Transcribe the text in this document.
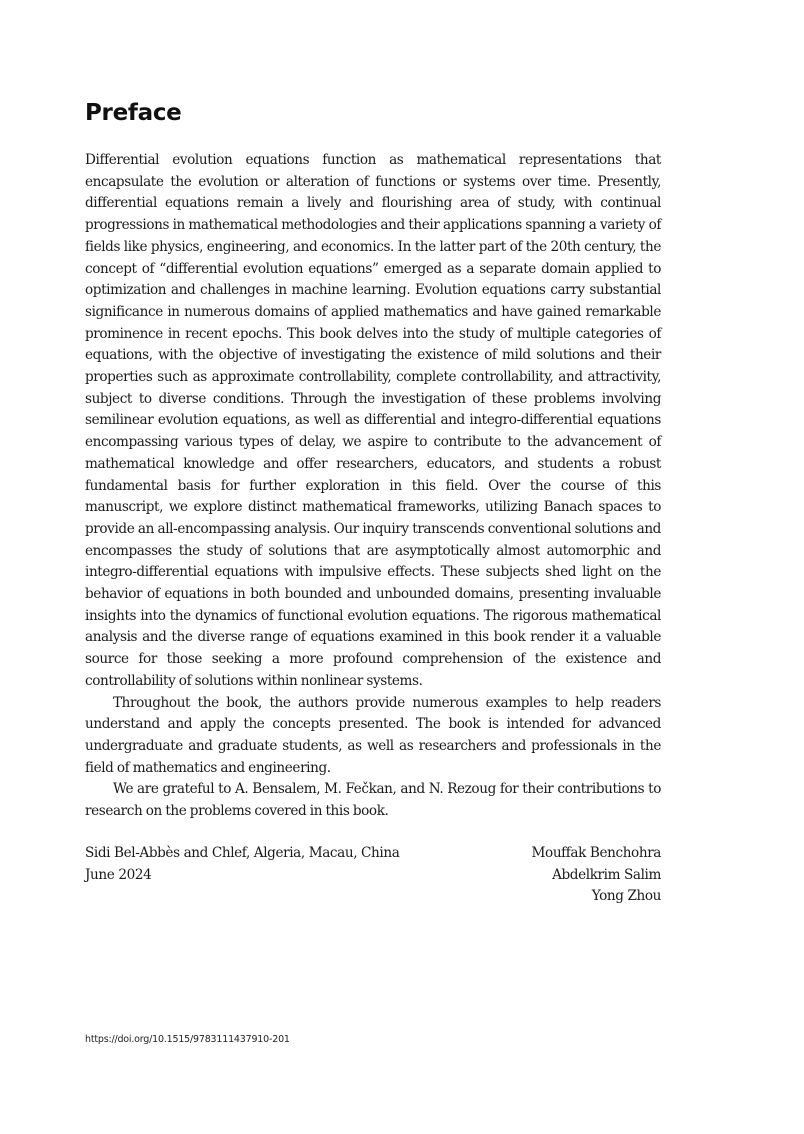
Preface

Differential evolution equations function as mathematical representations that encapsulate the evolution or alteration of functions or systems over time. Presently, differential equations remain a lively and flourishing area of study, with continual progressions in mathematical methodologies and their applications spanning a variety of fields like physics, engineering, and economics. In the latter part of the 20th century, the concept of “differential evolution equations” emerged as a separate domain applied to optimization and challenges in machine learning. Evolution equations carry substantial significance in numerous domains of applied mathematics and have gained remarkable prominence in recent epochs. This book delves into the study of multiple categories of equations, with the objective of investigating the existence of mild solutions and their properties such as approximate controllability, complete controllability, and attractivity, subject to diverse conditions. Through the investigation of these problems involving semilinear evolution equations, as well as differential and integro-differential equations encompassing various types of delay, we aspire to contribute to the advancement of mathematical knowledge and offer researchers, educators, and students a robust fundamental basis for further exploration in this field. Over the course of this manuscript, we explore distinct mathematical frameworks, utilizing Banach spaces to provide an all-encompassing analysis. Our inquiry transcends conventional solutions and encompasses the study of solutions that are asymptotically almost automorphic and integro-differential equations with impulsive effects. These subjects shed light on the behavior of equations in both bounded and unbounded domains, presenting invaluable insights into the dynamics of functional evolution equations. The rigorous mathematical analysis and the diverse range of equations examined in this book render it a valuable source for those seeking a more profound comprehension of the existence and controllability of solutions within nonlinear systems.

Throughout the book, the authors provide numerous examples to help readers understand and apply the concepts presented. The book is intended for advanced undergraduate and graduate students, as well as researchers and professionals in the field of mathematics and engineering.

We are grateful to A. Bensalem, M. Fečkan, and N. Rezoug for their contributions to research on the problems covered in this book.

Sidi Bel-Abbès and Chlef, Algeria, Macau, China
June 2024
Mouffak Benchohra
Abdelkrim Salim
Yong Zhou
https://doi.org/10.1515/9783111437910-201
